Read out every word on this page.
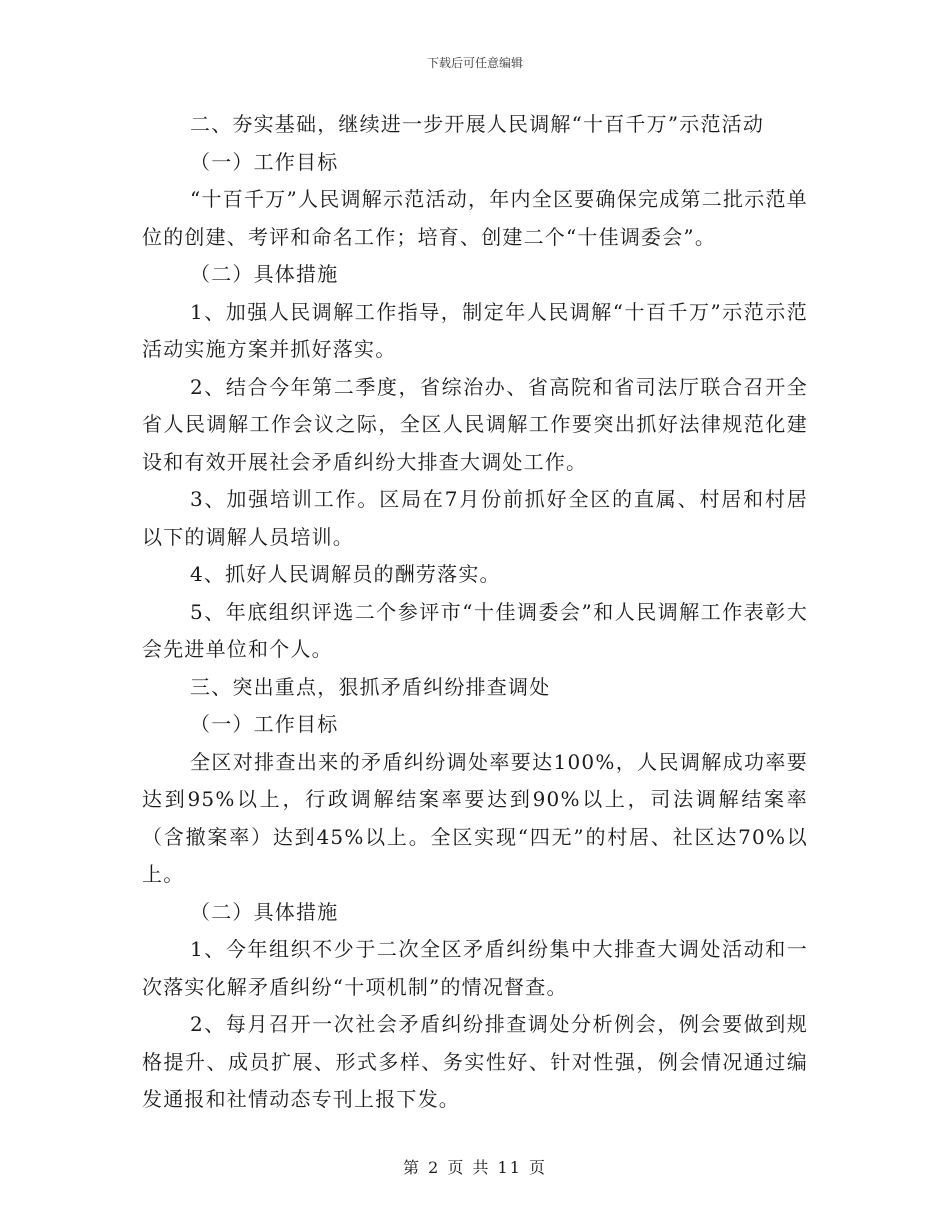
下载后可任意编辑

二、夯实基础，继续进一步开展人民调解“十百千万”示范活动

（一）工作目标

“十百千万”人民调解示范活动，年内全区要确保完成第二批示范单位的创建、考评和命名工作；培育、创建二个“十佳调委会”。

（二）具体措施

1、加强人民调解工作指导，制定年人民调解“十百千万”示范示范活动实施方案并抓好落实。

2、结合今年第二季度，省综治办、省高院和省司法厅联合召开全省人民调解工作会议之际，全区人民调解工作要突出抓好法律规范化建设和有效开展社会矛盾纠纷大排查大调处工作。

3、加强培训工作。区局在7月份前抓好全区的直属、村居和村居以下的调解人员培训。

4、抓好人民调解员的酬劳落实。

5、年底组织评选二个参评市“十佳调委会”和人民调解工作表彰大会先进单位和个人。

三、突出重点，狠抓矛盾纠纷排查调处

（一）工作目标

全区对排查出来的矛盾纠纷调处率要达100%，人民调解成功率要达到95%以上，行政调解结案率要达到90%以上，司法调解结案率（含撤案率）达到45%以上。全区实现“四无”的村居、社区达70%以上。

（二）具体措施

1、今年组织不少于二次全区矛盾纠纷集中大排查大调处活动和一次落实化解矛盾纠纷“十项机制”的情况督查。

2、每月召开一次社会矛盾纠纷排查调处分析例会，例会要做到规格提升、成员扩展、形式多样、务实性好、针对性强，例会情况通过编发通报和社情动态专刊上报下发。

第 2 页 共 11 页
